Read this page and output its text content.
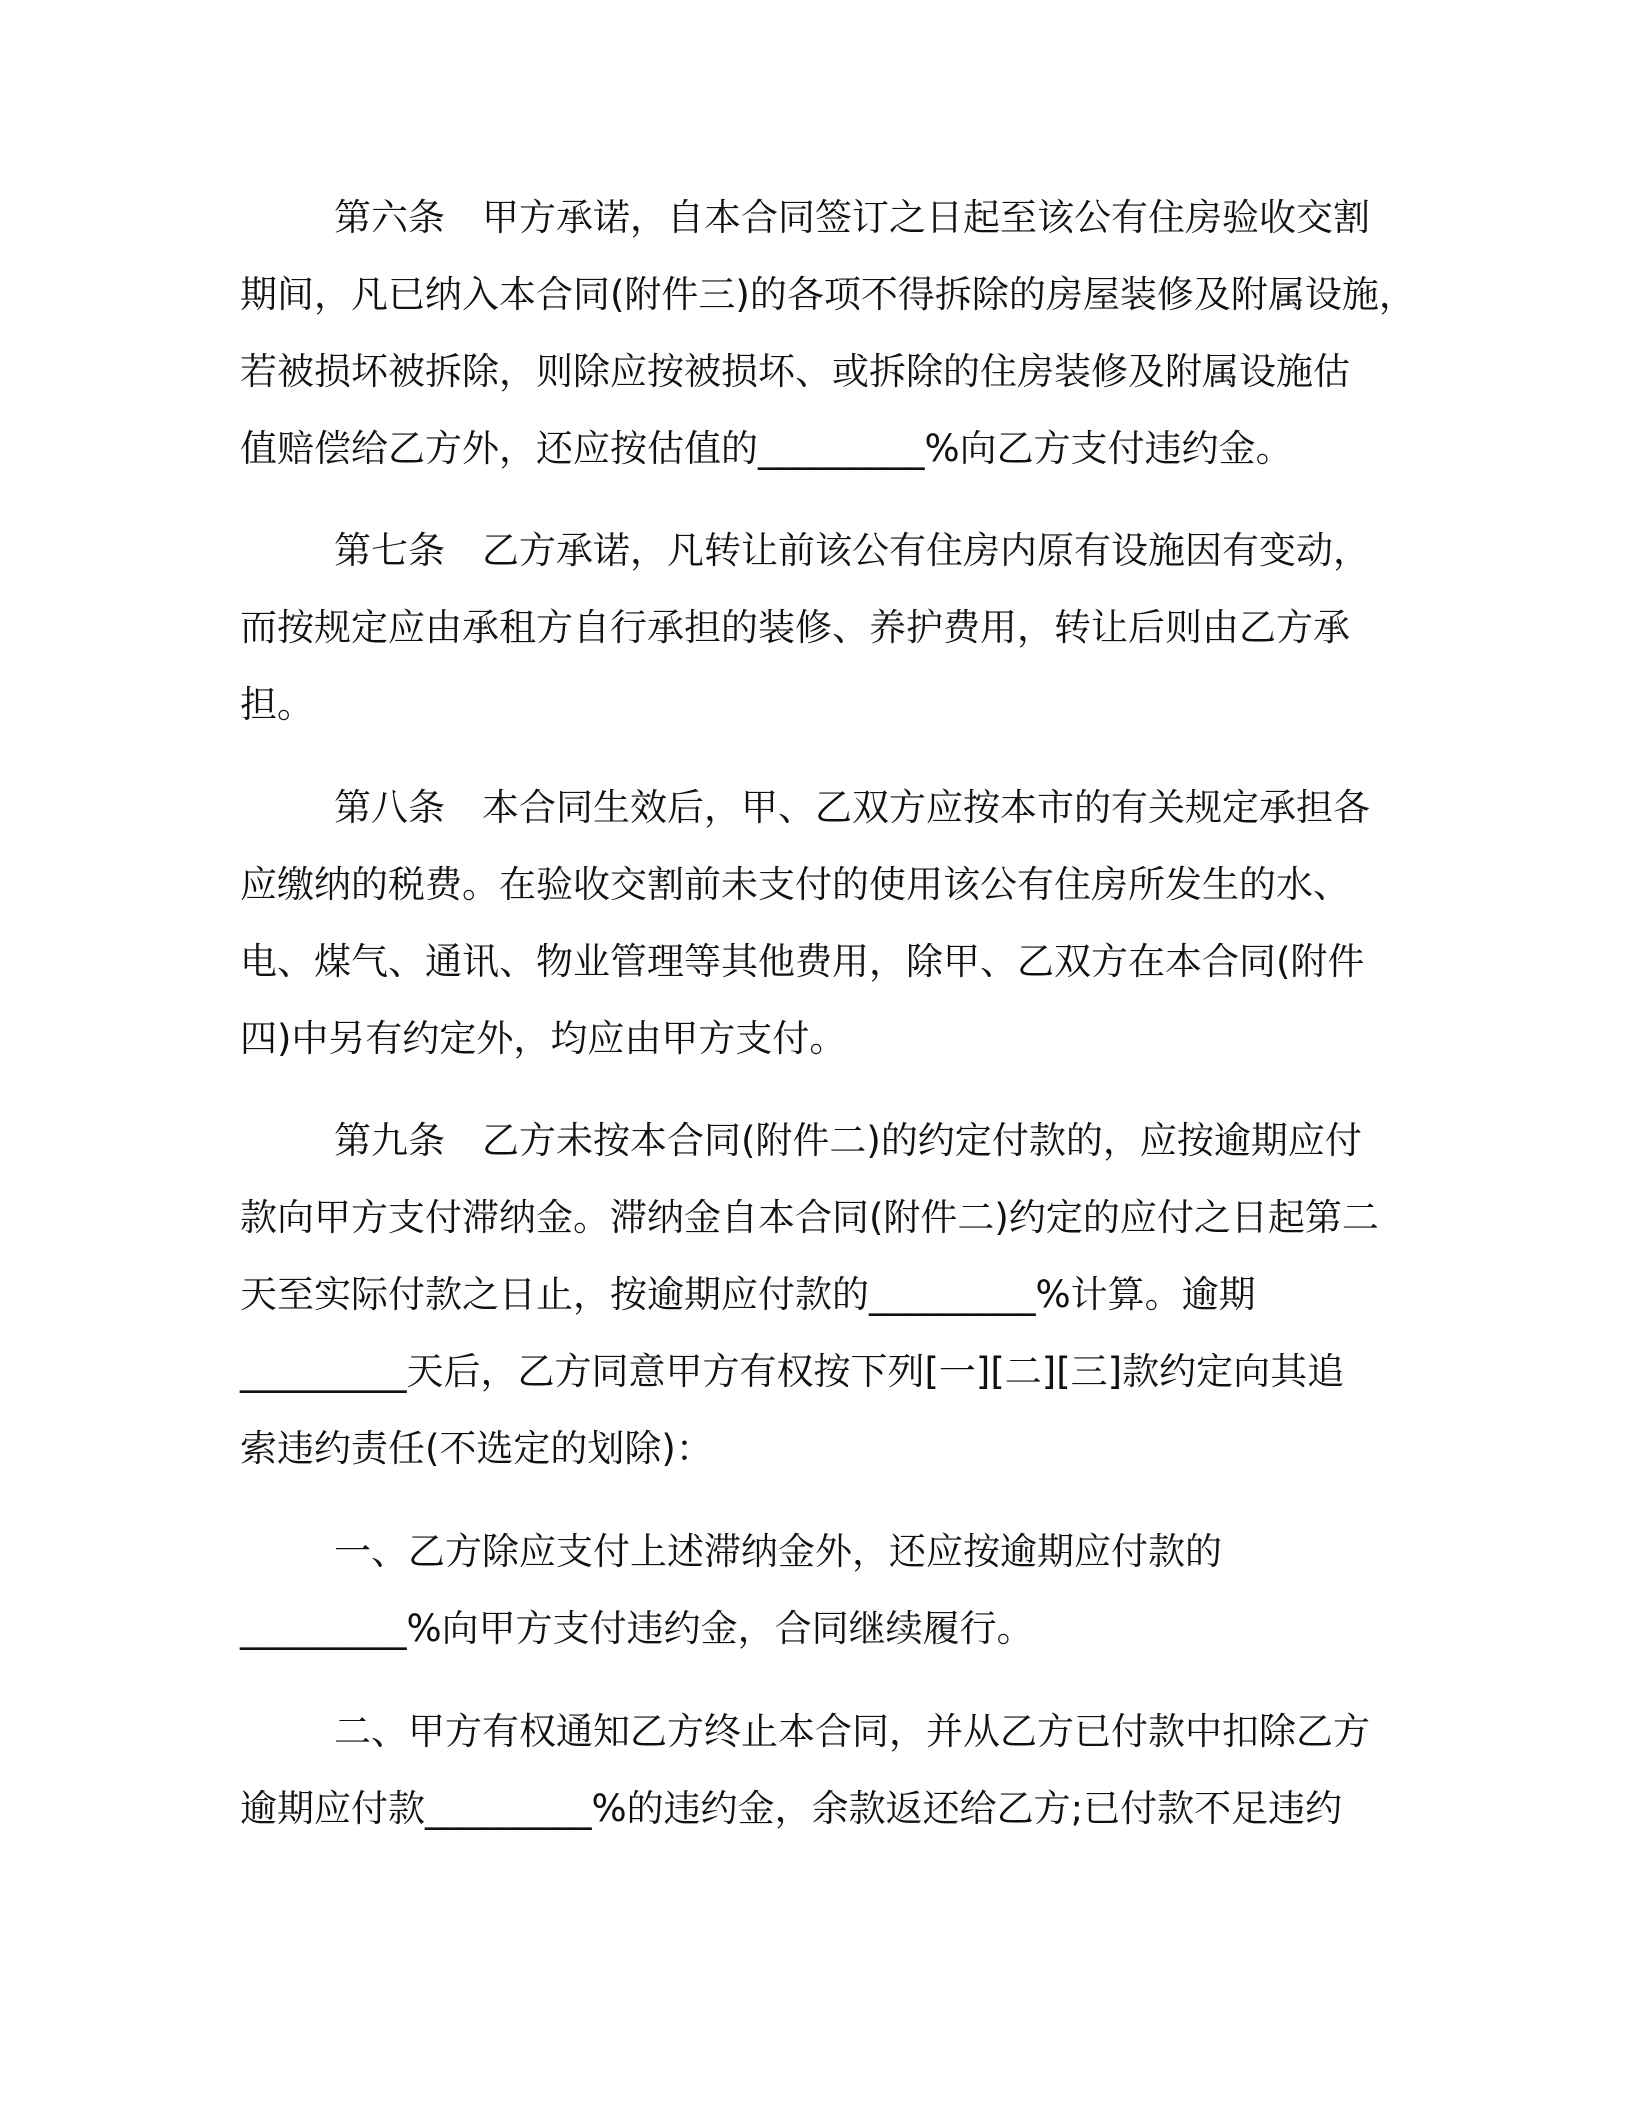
第六条　甲方承诺，自本合同签订之日起至该公有住房验收交割
期间，凡已纳入本合同(附件三)的各项不得拆除的房屋装修及附属设施，
若被损坏被拆除，则除应按被损坏、或拆除的住房装修及附属设施估
值赔偿给乙方外，还应按估值的_________%向乙方支付违约金。
第七条　乙方承诺，凡转让前该公有住房内原有设施因有变动，
而按规定应由承租方自行承担的装修、养护费用，转让后则由乙方承
担。
第八条　本合同生效后，甲、乙双方应按本市的有关规定承担各
应缴纳的税费。在验收交割前未支付的使用该公有住房所发生的水、
电、煤气、通讯、物业管理等其他费用，除甲、乙双方在本合同(附件
四)中另有约定外，均应由甲方支付。
第九条　乙方未按本合同(附件二)的约定付款的，应按逾期应付
款向甲方支付滞纳金。滞纳金自本合同(附件二)约定的应付之日起第二
天至实际付款之日止，按逾期应付款的_________%计算。逾期
_________天后，乙方同意甲方有权按下列[一][二][三]款约定向其追
索违约责任(不选定的划除)：
一、乙方除应支付上述滞纳金外，还应按逾期应付款的
_________%向甲方支付违约金，合同继续履行。
二、甲方有权通知乙方终止本合同，并从乙方已付款中扣除乙方
逾期应付款_________%的违约金，余款返还给乙方;已付款不足违约
